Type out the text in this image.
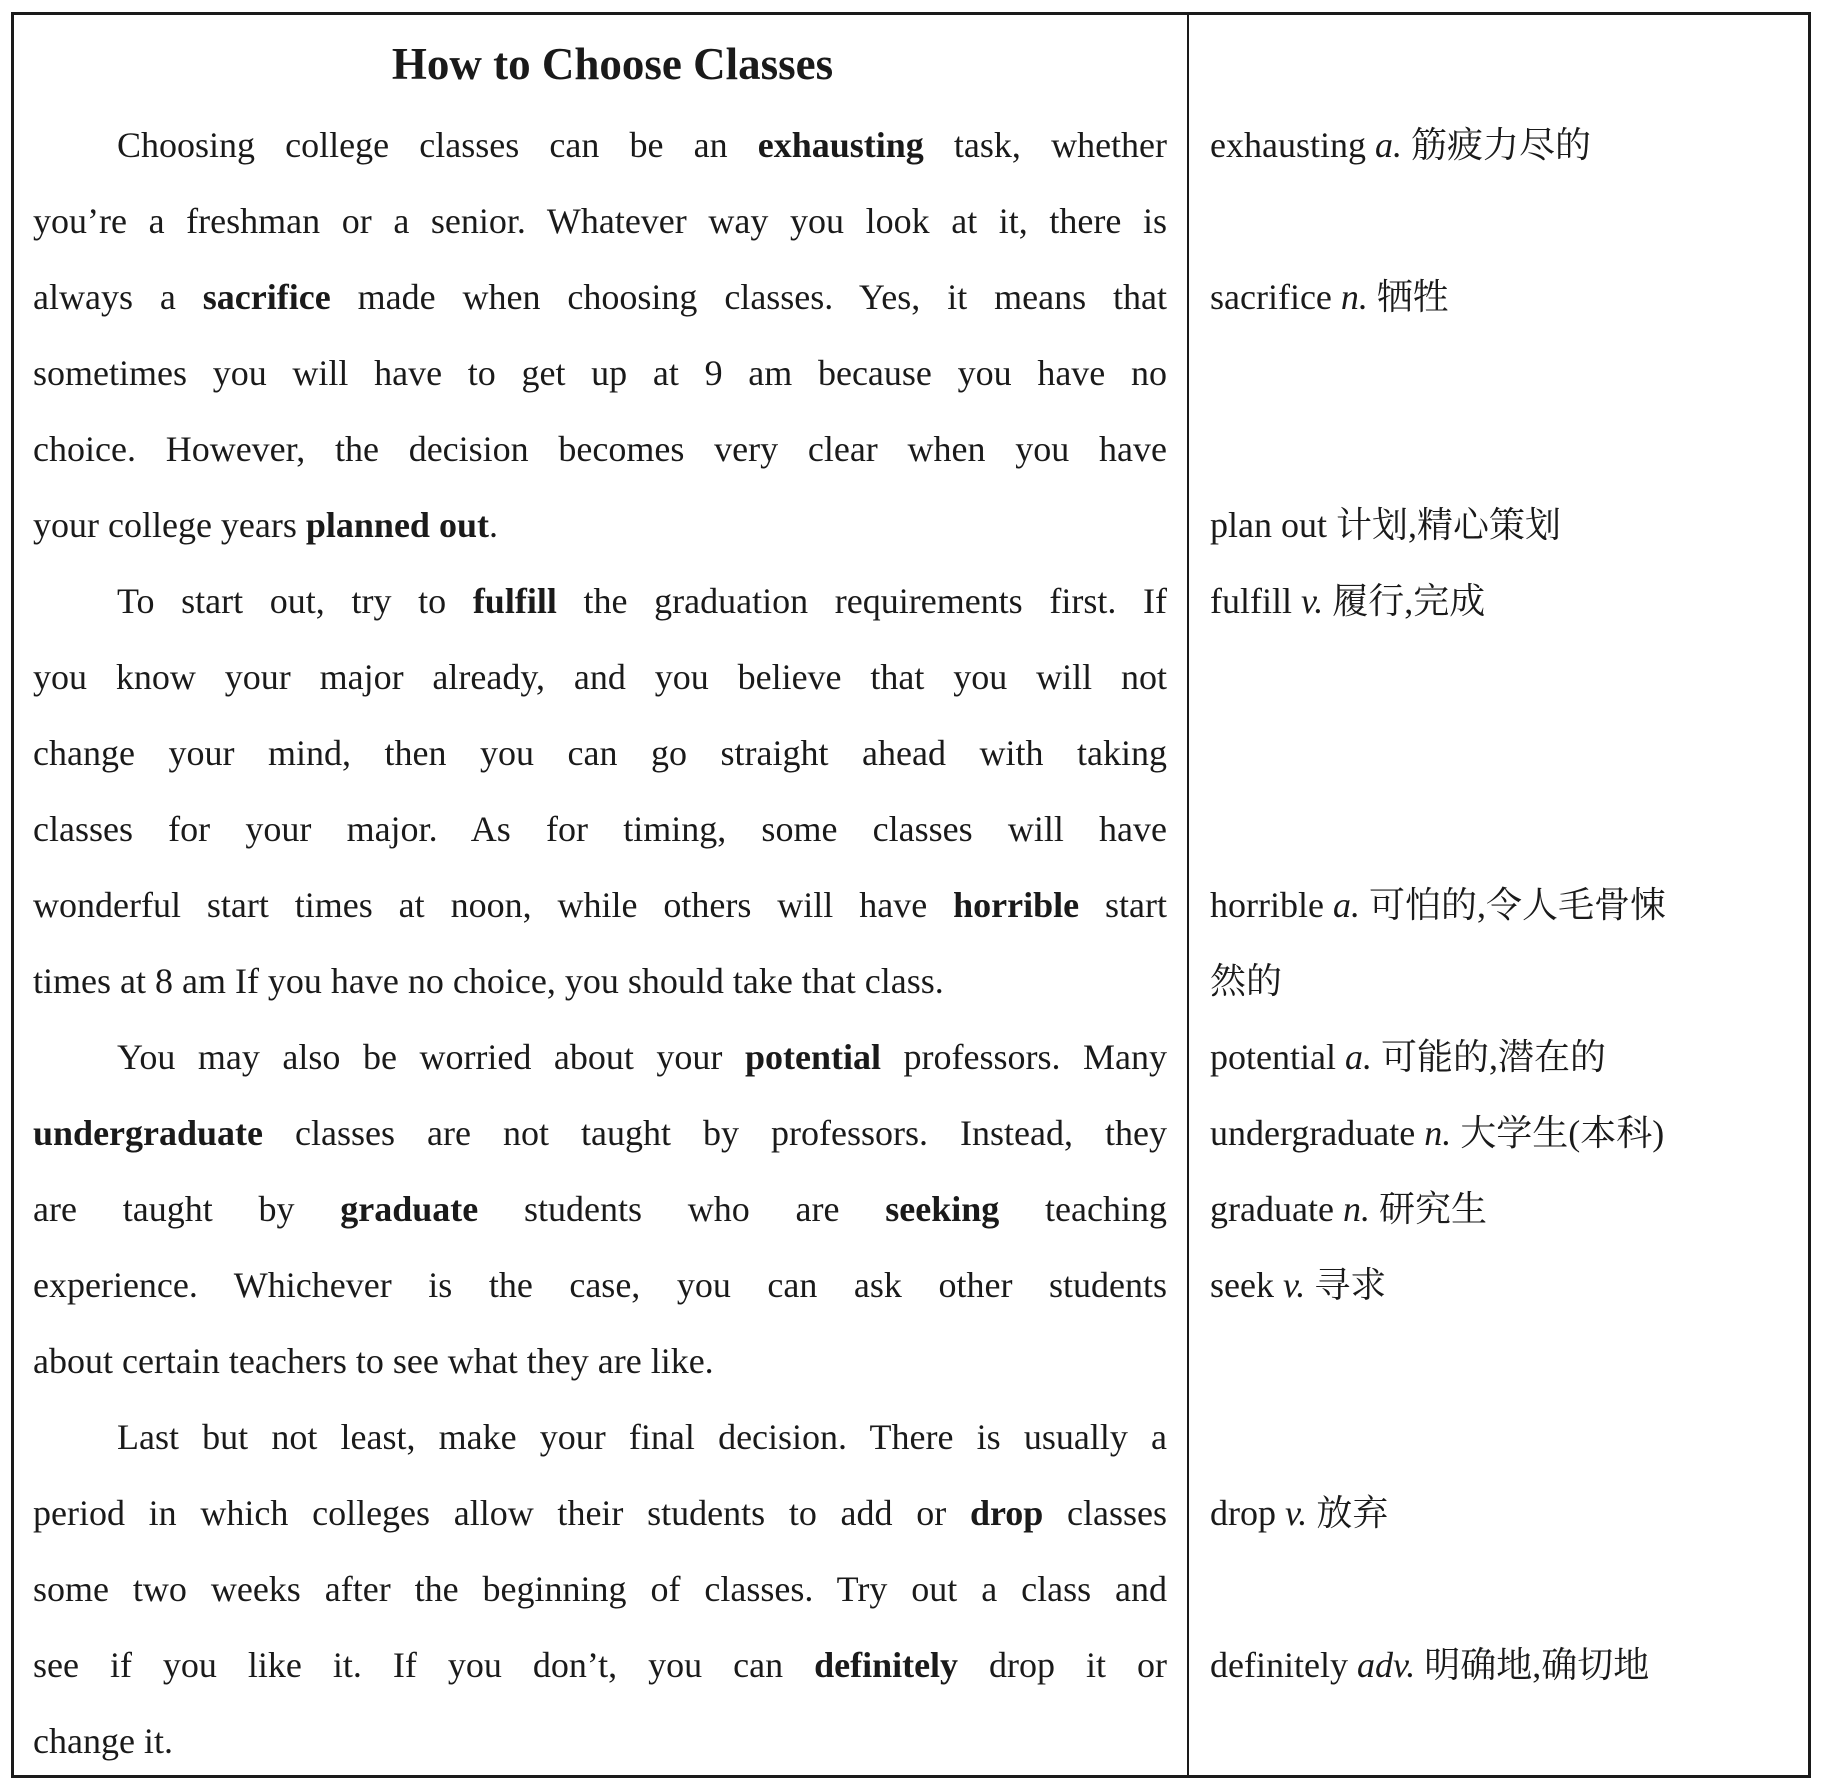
How to Choose Classes
Choosing college classes can be an exhausting task, whether
you’re a freshman or a senior. Whatever way you look at it, there is
always a sacrifice made when choosing classes. Yes, it means that
sometimes you will have to get up at 9 am because you have no
choice. However, the decision becomes very clear when you have
your college years planned out.
To start out, try to fulfill the graduation requirements first. If
you know your major already, and you believe that you will not
change your mind, then you can go straight ahead with taking
classes for your major. As for timing, some classes will have
wonderful start times at noon, while others will have horrible start
times at 8 am If you have no choice, you should take that class.
You may also be worried about your potential professors. Many
undergraduate classes are not taught by professors. Instead, they
are taught by graduate students who are seeking teaching
experience. Whichever is the case, you can ask other students
about certain teachers to see what they are like.
Last but not least, make your final decision. There is usually a
period in which colleges allow their students to add or drop classes
some two weeks after the beginning of classes. Try out a class and
see if you like it. If you don’t, you can definitely drop it or
change it.
exhausting a. 筋疲力尽的
sacrifice n. 牺牲
plan out 计划,精心策划
fulfill v. 履行,完成
horrible a. 可怕的,令人毛骨悚
然的
potential a. 可能的,潜在的
undergraduate n. 大学生(本科)
graduate n. 研究生
seek v. 寻求
drop v. 放弃
definitely adv. 明确地,确切地
